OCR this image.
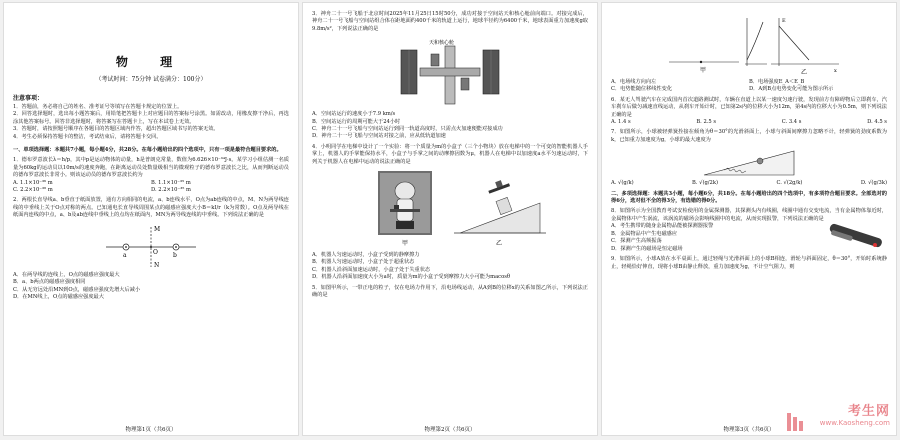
物 理
（考试时间：75分钟 试卷满分：100分）
注意事项：
1．答题前，务必将自己的姓名、准考证号等填写在答题卡规定的位置上。
2．回答选择题时，选出每小题答案后，用铅笔把答题卡上对应题目的答案标号涂黑。如需改动，用橡皮擦干净后，再选涂其他答案标号。回答非选择题时，将答案写在答题卡上，写在本试卷上无效。
3．答题时，请按照题号顺序在各题目的答题区域内作答，超出答题区域书写的答案无效。
4．考生必须保持答题卡的整洁，考试结束后，请将答题卡交回。
一、单项选择题：本题共7小题，每小题4分，共28分。在每小题给出的四个选项中，只有一项是最符合题目要求的。
1．德布罗意波长λ＝h/p，其中p是运动物体的动量，h是普朗克常量，数值为6.626×10⁻³⁴J·s。某学习小组估测一名质量为60kg的运动员以10m/s的速度奔跑，在距离运动员处数量级相当的微观粒子的德布罗意波长之比，从而判断运动员的德布罗意波长非常小。则该运动员的德布罗意波长约为
A. 1.1×10⁻³⁶ m	B. 1.1×10⁻³⁵ m
C. 2.2×10⁻³⁶ m	D. 2.2×10⁻³⁵ m
2．两根长直导线a、b垂直于纸面放置，通有方向相同的电流，a、b连线水平，O点为ab连线的中点，M、N为两导线连线的中垂线上关于O点对称的两点。已知通电长直导线周围某点的磁感应强度大小B＝kI/r（k为常数）。O点及两导线在纸面内连线的中点，a、b及ab连线中垂线上的点均在纸面内，MN为两导线连线的中垂线。下列说法正确的是
M
a	O	b
N
A．在两导线的连线上，O点的磁感应强度最大
B．a、b两点的磁感应强度相同
C．从无穷远处沿MN到O点，磁感应强度先增大后减小
D．在MN线上，O点的磁感应强度最大
物理第1页（共6页）
3．神舟二十一号飞船于北京时间2025年11月25日15时50分，成功对接于空间站天和核心舱前向端口。对接完成后，神舟二十一号飞船与空间站组合体在距地面约400千米的轨道上运行，地球半径约为6400千米，地球表面重力加速度g取9.8m/s²，下列说法正确的是
天和核心舱
A．空间站运行的速度小于7.9 km/s
B．空间站运行的周期可能大于24小时
C．神舟二十一号飞船与空间站运行到同一轨道高度时，只需点火加速便能对接成功
D．神舟二十一号飞船与空间站对接之前，应从低轨道加速
4．小明同学在电梯中设计了一个实验：将一个质量为m的小盒子（三个小物块）放在电梯中的一个可变的智能机器人手掌上，机器人的手掌能保持水平，小盒子与手掌之间的动摩擦因数为μ，机器人在电梯中以加速度a水平匀速运动时，下列关于机器人在电梯中运动的说法正确的是
甲	乙
A．机器人匀速运动时，小盒子受到的静摩擦力
B．机器人匀速运动时，小盒子处于超重状态
C．机器人沿斜面加速运动时，小盒子处于失重状态
D．机器人沿斜面加速度大小为a时，质量为m的小盒子受到摩擦力大小可能为macosθ
5．如图甲所示，一带正电的粒子，仅在电场力作用下，沿电场线运动，从A到B的位移x的关系如图乙所示，下列说法正确的是
物理第2页（共6页）
甲	x
E
乙
A．电场线方向向左	B．电场强度E_A＜E_B
C．电势能随位移线性变化	D．A到B点电势变化可能为图示所示
6．某无人驾驶汽车在完成国内首次道路测试时，车辆在直道上以某一速度匀速行驶，发现前方有障碍物后立即刹车，汽车刹车后做匀减速直线运动，从刹车开始计时，已知第2s内的位移大小为12m，第4s内的位移大小为0.5m，则下列说法正确的是
A. 1.4 s	B. 2.5 s	C. 3.4 s	D. 4.5 s
7．如图所示，小球被轻弹簧拴接在倾角为θ＝30°的光滑斜面上，小球与斜面间摩擦力忽略不计，轻弹簧的劲度系数为k，已知重力加速度为g，小球的最大速度为
A. √(g/k)	B. √(g/2k)	C. √(2g/k)	D. √(g/3k)
二、多项选择题：本题共3小题，每小题6分，共18分。在每小题给出的四个选项中，有多项符合题目要求。全部选对的得6分，选对但不全的得3分，有选错的得0分。
8．如图所示为全国教育考试安检使用的金属探测器，其探测头内有线圈，线圈中通有交变电流，当有金属物体靠近时，金属物体中产生涡流，该涡流的磁场会影响线圈中的电流，从而实现报警，下列说法正确的是
A．考生携带的随身金属物品能被探测器报警
B．金属物品中产生电磁感应
C．探测产生高频振荡
D．探测产生的磁场是恒定磁场
9．如图所示，小球A放在水平桌面上，通过轻绳与光滑斜面上的小球B相连，滑轮与斜面固定，θ＝30°，开始时系统静止，轻绳恰好伸直，现将小球B由静止释放，重力加速度为g，不计空气阻力，则
物理第3页（共6页）
考生网
www.Kaosheng.com
